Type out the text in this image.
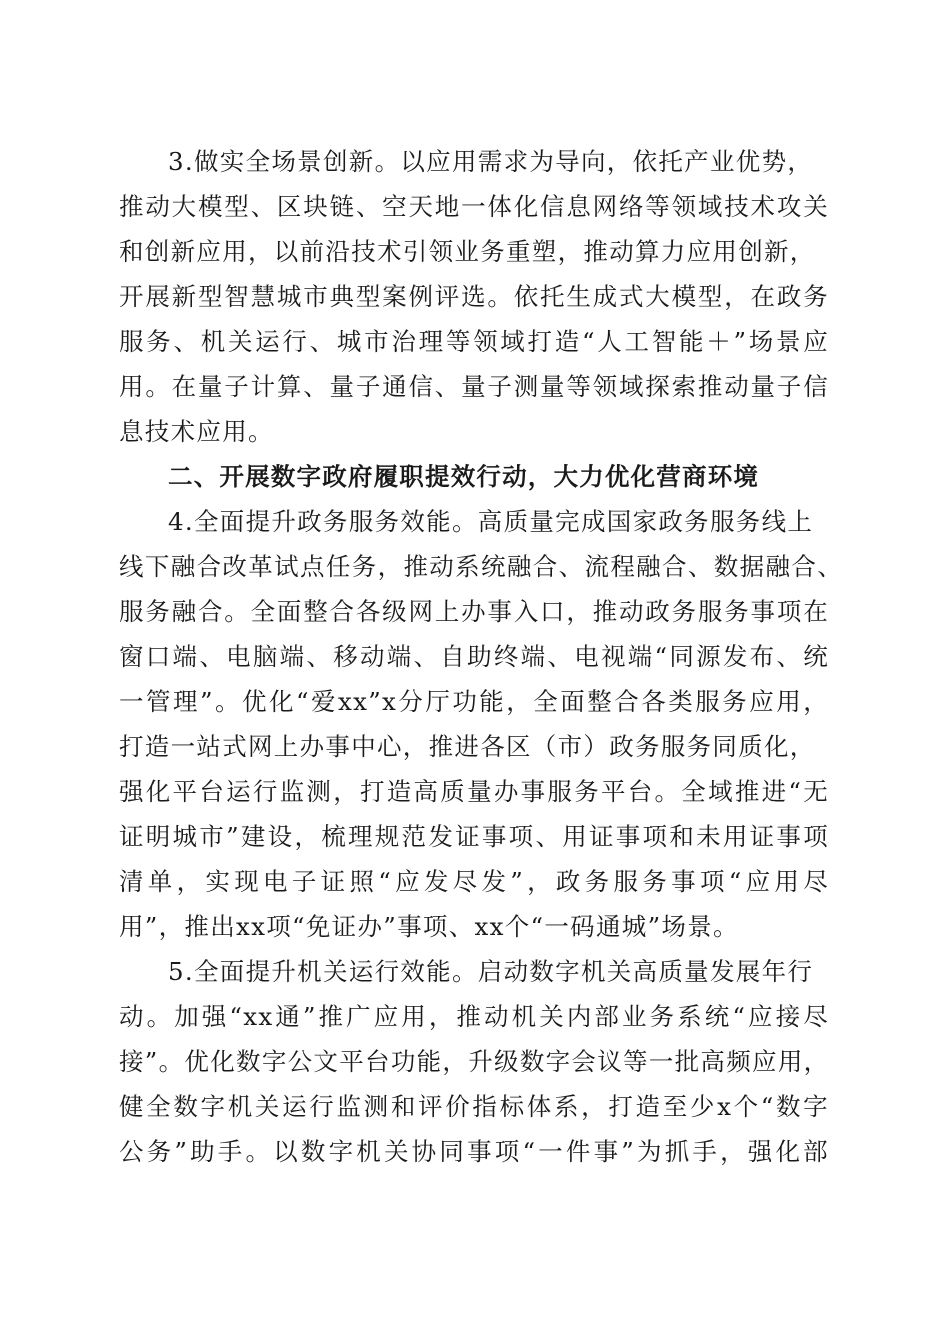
3.做实全场景创新。以应用需求为导向，依托产业优势，
推动大模型、区块链、空天地一体化信息网络等领域技术攻关
和创新应用，以前沿技术引领业务重塑，推动算力应用创新，
开展新型智慧城市典型案例评选。依托生成式大模型，在政务
服务、机关运行、城市治理等领域打造“人工智能＋”场景应
用。在量子计算、量子通信、量子测量等领域探索推动量子信
息技术应用。
二、开展数字政府履职提效行动，大力优化营商环境
4.全面提升政务服务效能。高质量完成国家政务服务线上
线下融合改革试点任务，推动系统融合、流程融合、数据融合、
服务融合。全面整合各级网上办事入口，推动政务服务事项在
窗口端、电脑端、移动端、自助终端、电视端“同源发布、统
一管理”。优化“爱xx”x分厅功能，全面整合各类服务应用，
打造一站式网上办事中心，推进各区（市）政务服务同质化，
强化平台运行监测，打造高质量办事服务平台。全域推进“无
证明城市”建设，梳理规范发证事项、用证事项和未用证事项
清单，实现电子证照“应发尽发”，政务服务事项“应用尽
用”，推出xx项“免证办”事项、xx个“一码通城”场景。
5.全面提升机关运行效能。启动数字机关高质量发展年行
动。加强“xx通”推广应用，推动机关内部业务系统“应接尽
接”。优化数字公文平台功能，升级数字会议等一批高频应用，
健全数字机关运行监测和评价指标体系，打造至少x个“数字
公务”助手。以数字机关协同事项“一件事”为抓手，强化部
